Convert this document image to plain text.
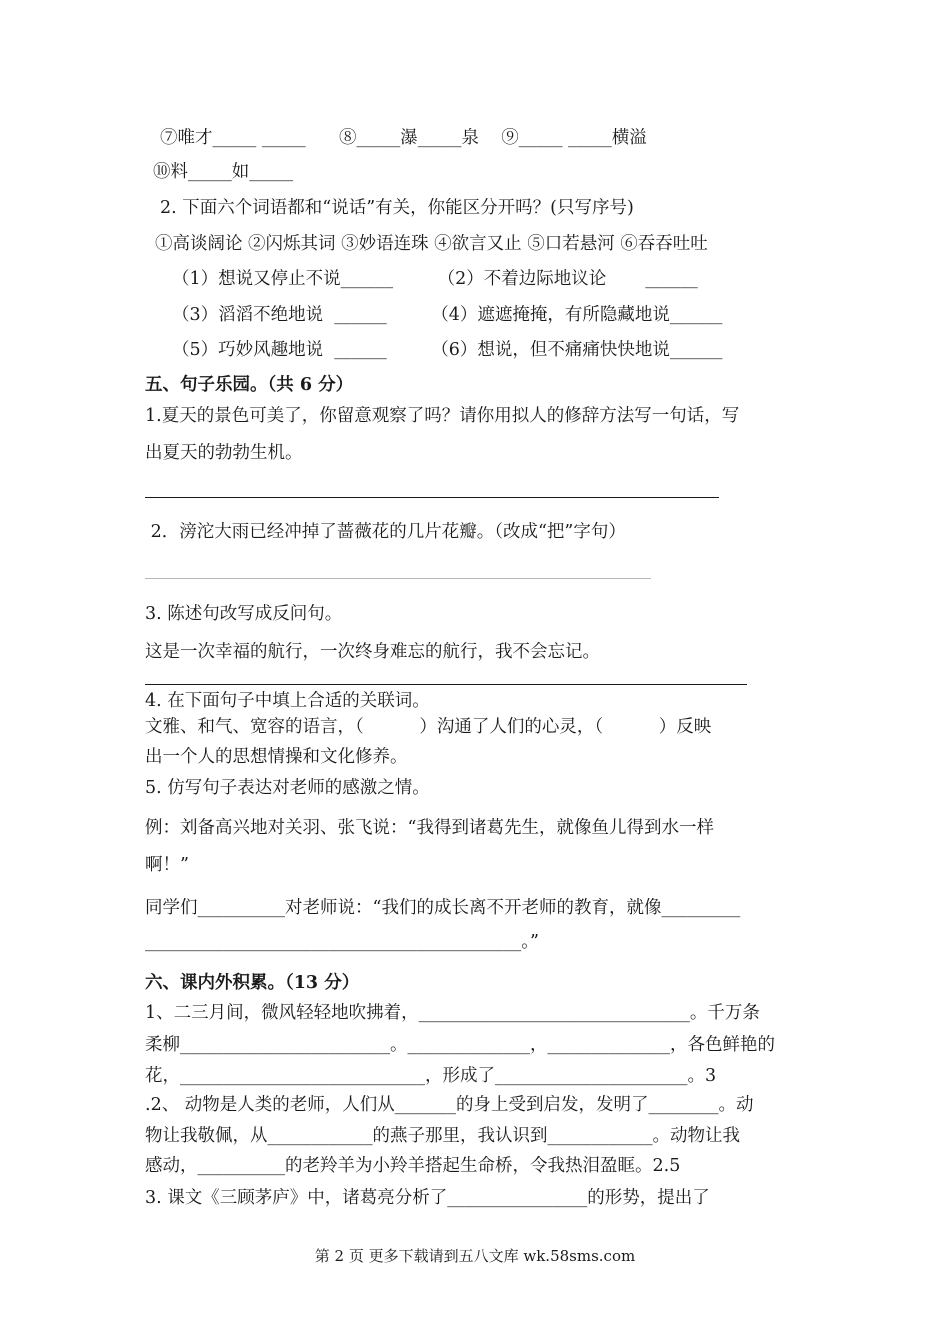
⑦唯才_____ _____      ⑧_____瀑_____泉    ⑨_____ _____横溢
⑩料_____如_____
2. 下面六个词语都和“说话”有关，你能区分开吗？(只写序号)
①高谈阔论 ②闪烁其词 ③妙语连珠 ④欲言又止 ⑤口若悬河 ⑥吞吞吐吐
（1）想说又停止不说______        （2）不着边际地议论       ______
（3）滔滔不绝地说  ______        （4）遮遮掩掩，有所隐藏地说______
（5）巧妙风趣地说  ______        （6）想说，但不痛痛快快地说______
五、句子乐园。（共 6 分）
1.夏天的景色可美了，你留意观察了吗？请你用拟人的修辞方法写一句话，写
出夏天的勃勃生机。
2．滂沱大雨已经冲掉了蔷薇花的几片花瓣。（改成“把”字句）
3. 陈述句改写成反问句。
这是一次幸福的航行，一次终身难忘的航行，我不会忘记。
4. 在下面句子中填上合适的关联词。
文雅、和气、宽容的语言，（          ）沟通了人们的心灵，（          ）反映
出一个人的思想情操和文化修养。
5. 仿写句子表达对老师的感激之情。
例：刘备高兴地对关羽、张飞说：“我得到诸葛先生，就像鱼儿得到水一样
啊！”
同学们__________对老师说：“我们的成长离不开老师的教育，就像_________
___________________________________________。”
六、课内外积累。（13 分）
1、二三月间，微风轻轻地吹拂着，_______________________________。千万条
柔柳________________________。______________，______________，各色鲜艳的
花，____________________________，形成了______________________。3
.2、 动物是人类的老师，人们从_______的身上受到启发，发明了________。动
物让我敬佩，从____________的燕子那里，我认识到____________。动物让我
感动，__________的老羚羊为小羚羊搭起生命桥，令我热泪盈眶。2.5
3. 课文《三顾茅庐》中，诸葛亮分析了________________的形势，提出了
第 2 页 更多下载请到五八文库 wk.58sms.com
